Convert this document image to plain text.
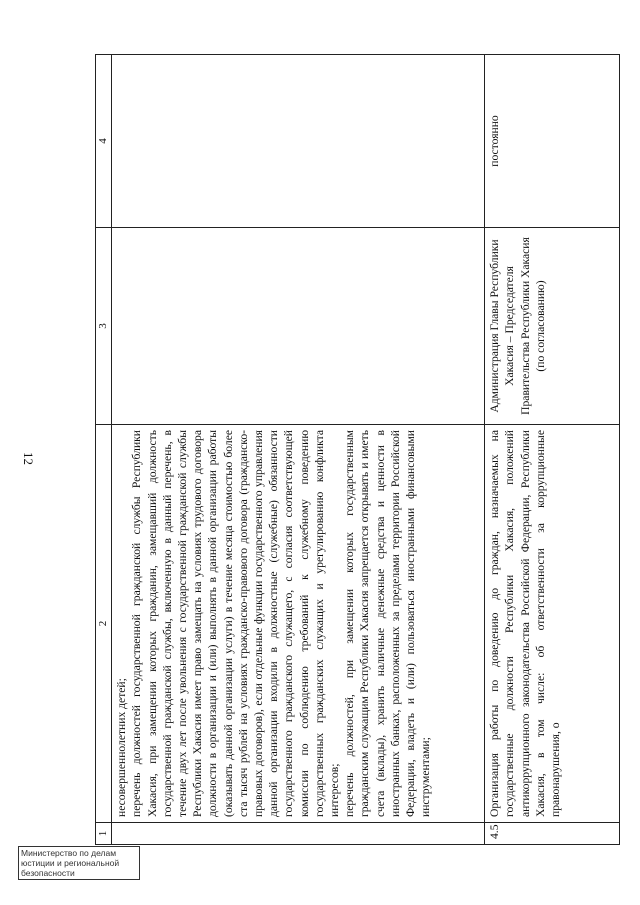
12
1	2	3	4

	несовершеннолетних детей; перечень должностей государственной гражданской службы Республики Хакасия, при замещении которых гражданин, замещавший должность государственной гражданской службы, включенную в данный перечень, в течение двух лет после увольнения с государственной гражданской службы Республики Хакасия имеет право замещать на условиях трудового договора должности в организации и (или) выполнять в данной организации работы (оказывать данной организации услуги) в течение месяца стоимостью более ста тысяч рублей на условиях гражданско-правового договора (гражданско-правовых договоров), если отдельные функции государственного управления данной организации входили в должностные (служебные) обязанности государственного гражданского служащего, с согласия соответствующей комиссии по соблюдению требований к служебному поведению государственных гражданских служащих и урегулированию конфликта интересов; перечень должностей, при замещении которых государственным гражданским служащим Республики Хакасия запрещается открывать и иметь счета (вклады), хранить наличные денежные средства и ценности в иностранных банках, расположенных за пределами территории Российской Федерации, владеть и (или) пользоваться иностранными финансовыми инструментами;		

4.5	Организация работы по доведению до граждан, назначаемых на государственные должности Республики Хакасия, положений антикоррупционного законодательства Российской Федерации, Республики Хакасия, в том числе: об ответственности за коррупционные правонарушения, о	Администрация Главы Республики Хакасия – Председателя Правительства Республики Хакасия (по согласованию)	постоянно
Министерство по делам
юстиции и региональной
безопасности
